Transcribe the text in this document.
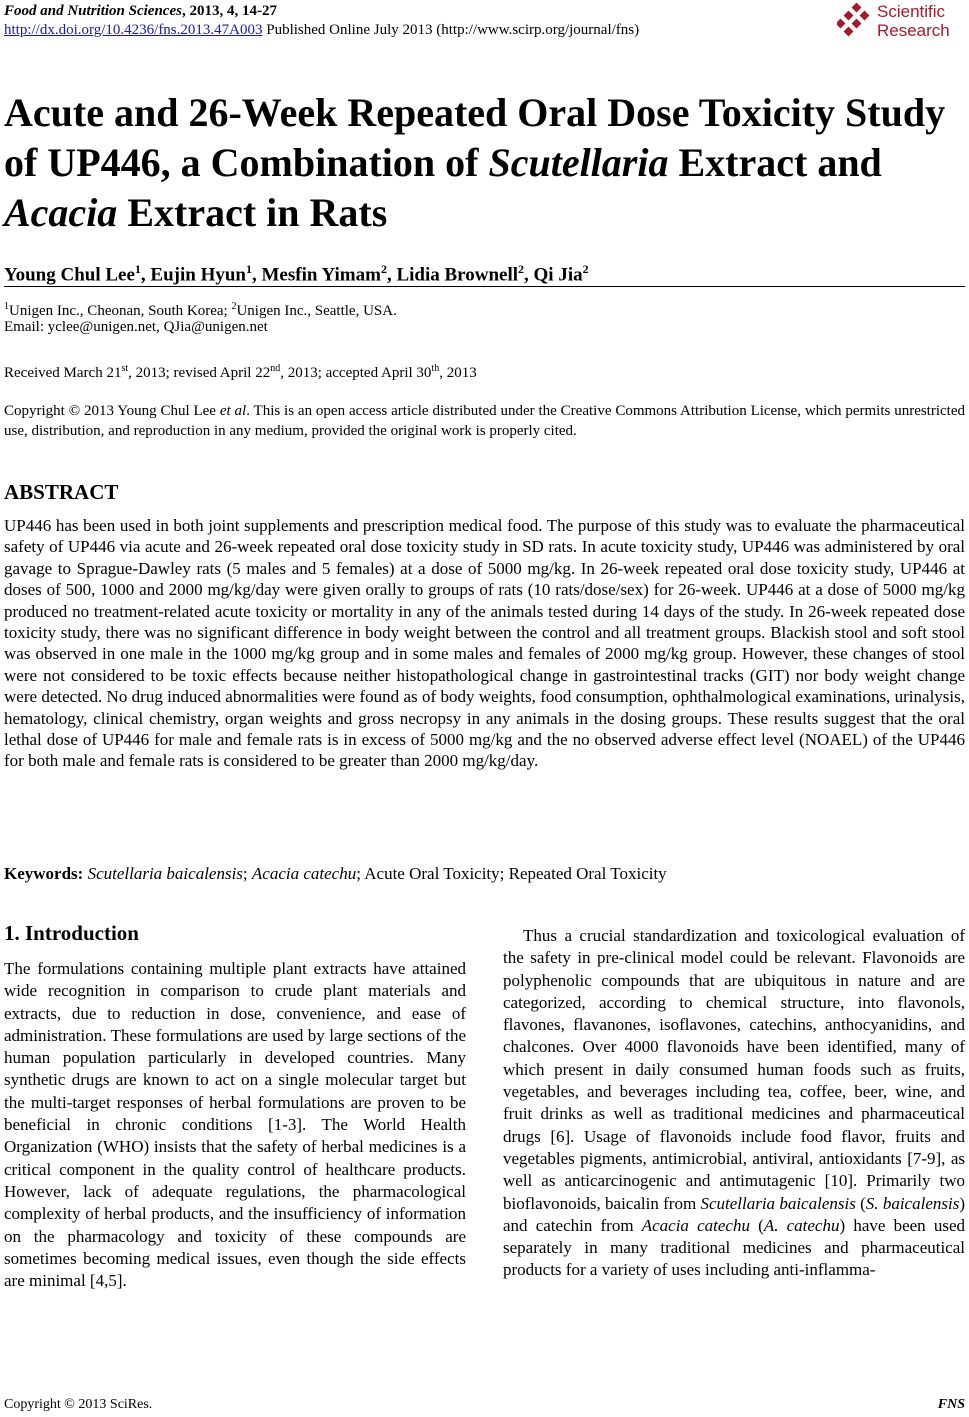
Food and Nutrition Sciences, 2013, 4, 14-27
http://dx.doi.org/10.4236/fns.2013.47A003 Published Online July 2013 (http://www.scirp.org/journal/fns)
Scientific
Research
Acute and 26-Week Repeated Oral Dose Toxicity Study of UP446, a Combination of Scutellaria Extract and Acacia Extract in Rats
Young Chul Lee$^1$, Eujin Hyun$^1$, Mesfin Yimam$^2$, Lidia Brownell$^2$, Qi Jia$^2$
$^1$Unigen Inc., Cheonan, South Korea; $^2$Unigen Inc., Seattle, USA.
Email: yclee@unigen.net, QJia@unigen.net
Received March 21st, 2013; revised April 22nd, 2013; accepted April 30th, 2013
Copyright © 2013 Young Chul Lee et al. This is an open access article distributed under the Creative Commons Attribution License, which permits unrestricted use, distribution, and reproduction in any medium, provided the original work is properly cited.
ABSTRACT
UP446 has been used in both joint supplements and prescription medical food. The purpose of this study was to evaluate the pharmaceutical safety of UP446 via acute and 26-week repeated oral dose toxicity study in SD rats. In acute toxicity study, UP446 was administered by oral gavage to Sprague-Dawley rats (5 males and 5 females) at a dose of 5000 mg/kg. In 26-week repeated oral dose toxicity study, UP446 at doses of 500, 1000 and 2000 mg/kg/day were given orally to groups of rats (10 rats/dose/sex) for 26-week. UP446 at a dose of 5000 mg/kg produced no treatment-related acute toxicity or mortality in any of the animals tested during 14 days of the study. In 26-week repeated dose toxicity study, there was no significant difference in body weight between the control and all treatment groups. Blackish stool and soft stool was observed in one male in the 1000 mg/kg group and in some males and females of 2000 mg/kg group. However, these changes of stool were not considered to be toxic effects because neither histopathological change in gastrointestinal tracks (GIT) nor body weight change were detected. No drug induced abnormalities were found as of body weights, food consumption, ophthalmological examinations, urinalysis, hematology, clinical chemistry, organ weights and gross necropsy in any animals in the dosing groups. These results suggest that the oral lethal dose of UP446 for male and female rats is in excess of 5000 mg/kg and the no observed adverse effect level (NOAEL) of the UP446 for both male and female rats is considered to be greater than 2000 mg/kg/day.
Keywords: Scutellaria baicalensis; Acacia catechu; Acute Oral Toxicity; Repeated Oral Toxicity
1. Introduction
The formulations containing multiple plant extracts have attained wide recognition in comparison to crude plant materials and extracts, due to reduction in dose, convenience, and ease of administration. These formulations are used by large sections of the human population particularly in developed countries. Many synthetic drugs are known to act on a single molecular target but the multi-target responses of herbal formulations are proven to be beneficial in chronic conditions [1-3]. The World Health Organization (WHO) insists that the safety of herbal medicines is a critical component in the quality control of healthcare products. However, lack of adequate regulations, the pharmacological complexity of herbal products, and the insufficiency of information on the pharmacology and toxicity of these compounds are sometimes becoming medical issues, even though the side effects are minimal [4,5].
Thus a crucial standardization and toxicological evaluation of the safety in pre-clinical model could be relevant. Flavonoids are polyphenolic compounds that are ubiquitous in nature and are categorized, according to chemical structure, into flavonols, flavones, flavanones, isoflavones, catechins, anthocyanidins, and chalcones. Over 4000 flavonoids have been identified, many of which present in daily consumed human foods such as fruits, vegetables, and beverages including tea, coffee, beer, wine, and fruit drinks as well as traditional medicines and pharmaceutical drugs [6]. Usage of flavonoids include food flavor, fruits and vegetables pigments, antimicrobial, antiviral, antioxidants [7-9], as well as anticarcinogenic and antimutagenic [10]. Primarily two bioflavonoids, baicalin from Scutellaria baicalensis (S. baicalensis) and catechin from Acacia catechu (A. catechu) have been used separately in many traditional medicines and pharmaceutical products for a variety of uses including anti-inflamma-
Copyright © 2013 SciRes.	FNS
